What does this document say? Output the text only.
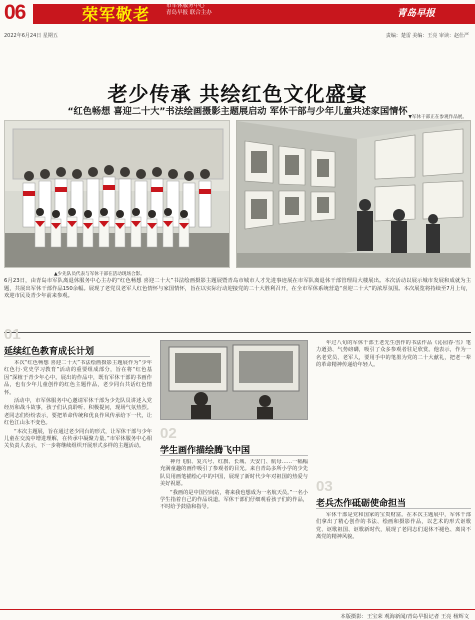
06	荣军敬老	市军休服务中心
青岛早报 联合主办	青岛早报
2022年6月24日 星期五	责编：楚雷 美编：王亮 审读：赵仕严
老少传承 共绘红色文化盛宴
“红色畅想 喜迎二十大”书法绘画摄影主题展启动 军休干部与少年儿童共述家国情怀
▲少先队员代表与军休干部在活动现场合影。
▼军休干部正在参观作品展。
6月23日，由青岛市军队离退休服务中心主办的“红色畅想 喜迎二十大”书法绘画摄影主题展暨青岛市城市人才先进事迹展在市军队离退休干部管理局大楼展出。本次活动以展示城市发展和成就为主题，共展出军休干部作品150余幅。展现了老党员老军人红色情怀与家国情怀，旨在以实际行动迎接党的二十大胜利召开，在全市军休系统营造“喜迎二十大”的浓厚氛围。本次展览将持续至7月上旬，欢迎市民及青少年前来参观。
01
延续红色教育成长计划

本次“红色畅想 喜迎二十大”书法绘画摄影主题展作为“少年红色行·党史学习教育”活动的重要组成部分，旨在将“红色基因”深植于青少年心中。展出的作品中，既有军休干部的书画作品，也有少年儿童创作的红色主题作品，老少同台共话红色情怀。

活动中，市军休服务中心邀请军休干部为少先队员讲述入党经历和战斗故事，孩子们认真聆听、积极提问，现场气氛热烈。老同志们纷纷表示，要把革命传统和优良作风传承给下一代，让红色江山永不变色。

“本次主题展，旨在通过老少同台的形式，让军休干部与少年儿童在交流中增进理解，在传承中凝聚力量。”市军休服务中心相关负责人表示，下一步将继续组织开展形式多样的主题活动。

02
学生画作描绘腾飞中国

神舟飞船、复兴号、红旗、长城、天安门、航母……一幅幅充满童趣的画作吸引了参观者的目光。来自青岛多所小学的少先队员用画笔描绘心中的中国，展现了新时代少年对祖国的热爱与美好祝愿。

“我画的是中国空间站，将来我也想成为一名航天员。”一名小学生指着自己的作品说道。军休干部们仔细观看孩子们的作品，不时给予鼓励和指导。

年过八旬的军休干部王老先生创作的书法作品《沁园春·雪》笔力遒劲、气势磅礴，吸引了众多参观者驻足欣赏。他表示，作为一名老党员、老军人，要用手中的笔墨为党的二十大献礼，把老一辈的革命精神传递给年轻人。

03
老兵杰作砥砺使命担当

军休干部是党和国家的宝贵财富。在本次主题展中，军休干部们拿出了精心创作的书法、绘画和摄影作品，以艺术的形式讴歌党、讴歌祖国、讴歌新时代，展现了老同志们退休不褪色、离岗不离党的精神风貌。

本版摄影：王宝荣 观海新闻/青岛早报记者 王亮 杨辉文
